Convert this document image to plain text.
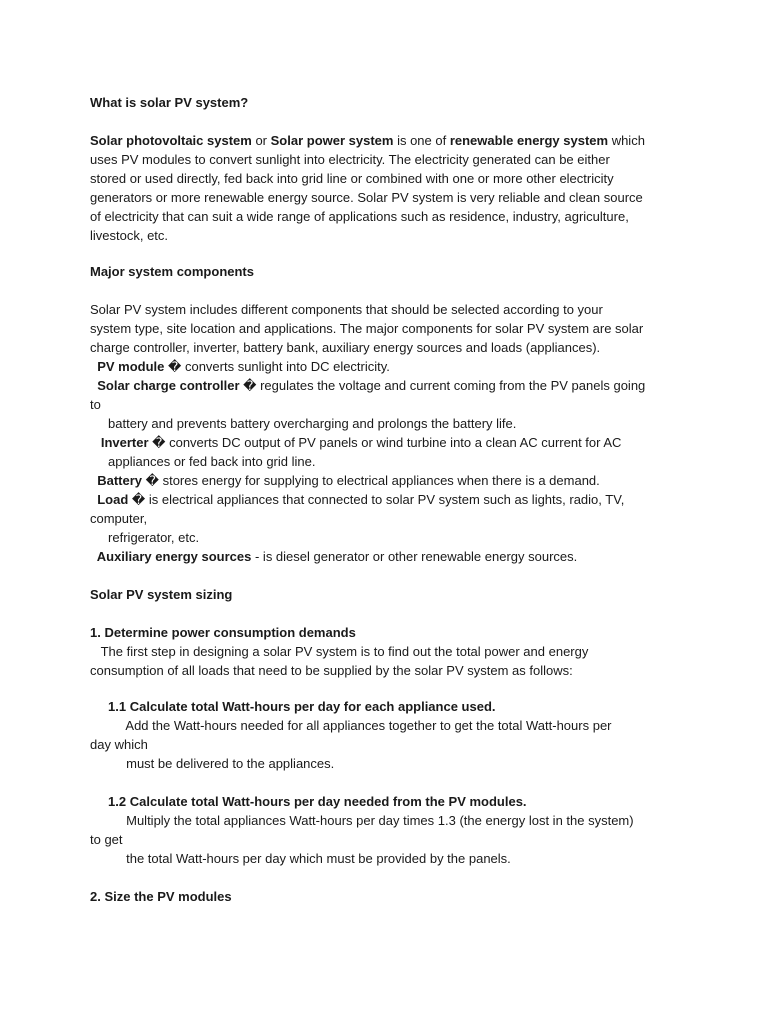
What is solar PV system?

Solar photovoltaic system or Solar power system is one of renewable energy system which

uses PV modules to convert sunlight into electricity. The electricity generated can be either

stored or used directly, fed back into grid line or combined with one or more other electricity

generators or more renewable energy source. Solar PV system is very reliable and clean source

of electricity that can suit a wide range of applications such as residence, industry, agriculture,

livestock, etc.

Major system components

Solar PV system includes different components that should be selected according to your

system type, site location and applications. The major components for solar PV system are solar

charge controller, inverter, battery bank, auxiliary energy sources and loads (appliances).

PV module � converts sunlight into DC electricity.

Solar charge controller � regulates the voltage and current coming from the PV panels going

to

battery and prevents battery overcharging and prolongs the battery life.

Inverter � converts DC output of PV panels or wind turbine into a clean AC current for AC

appliances or fed back into grid line.

Battery � stores energy for supplying to electrical appliances when there is a demand.

Load � is electrical appliances that connected to solar PV system such as lights, radio, TV,

computer,

refrigerator, etc.

Auxiliary energy sources - is diesel generator or other renewable energy sources.

Solar PV system sizing

1. Determine power consumption demands

The first step in designing a solar PV system is to find out the total power and energy

consumption of all loads that need to be supplied by the solar PV system as follows:

1.1 Calculate total Watt-hours per day for each appliance used.

Add the Watt-hours needed for all appliances together to get the total Watt-hours per

day which

must be delivered to the appliances.

1.2 Calculate total Watt-hours per day needed from the PV modules.

Multiply the total appliances Watt-hours per day times 1.3 (the energy lost in the system)

to get

the total Watt-hours per day which must be provided by the panels.

2. Size the PV modules
